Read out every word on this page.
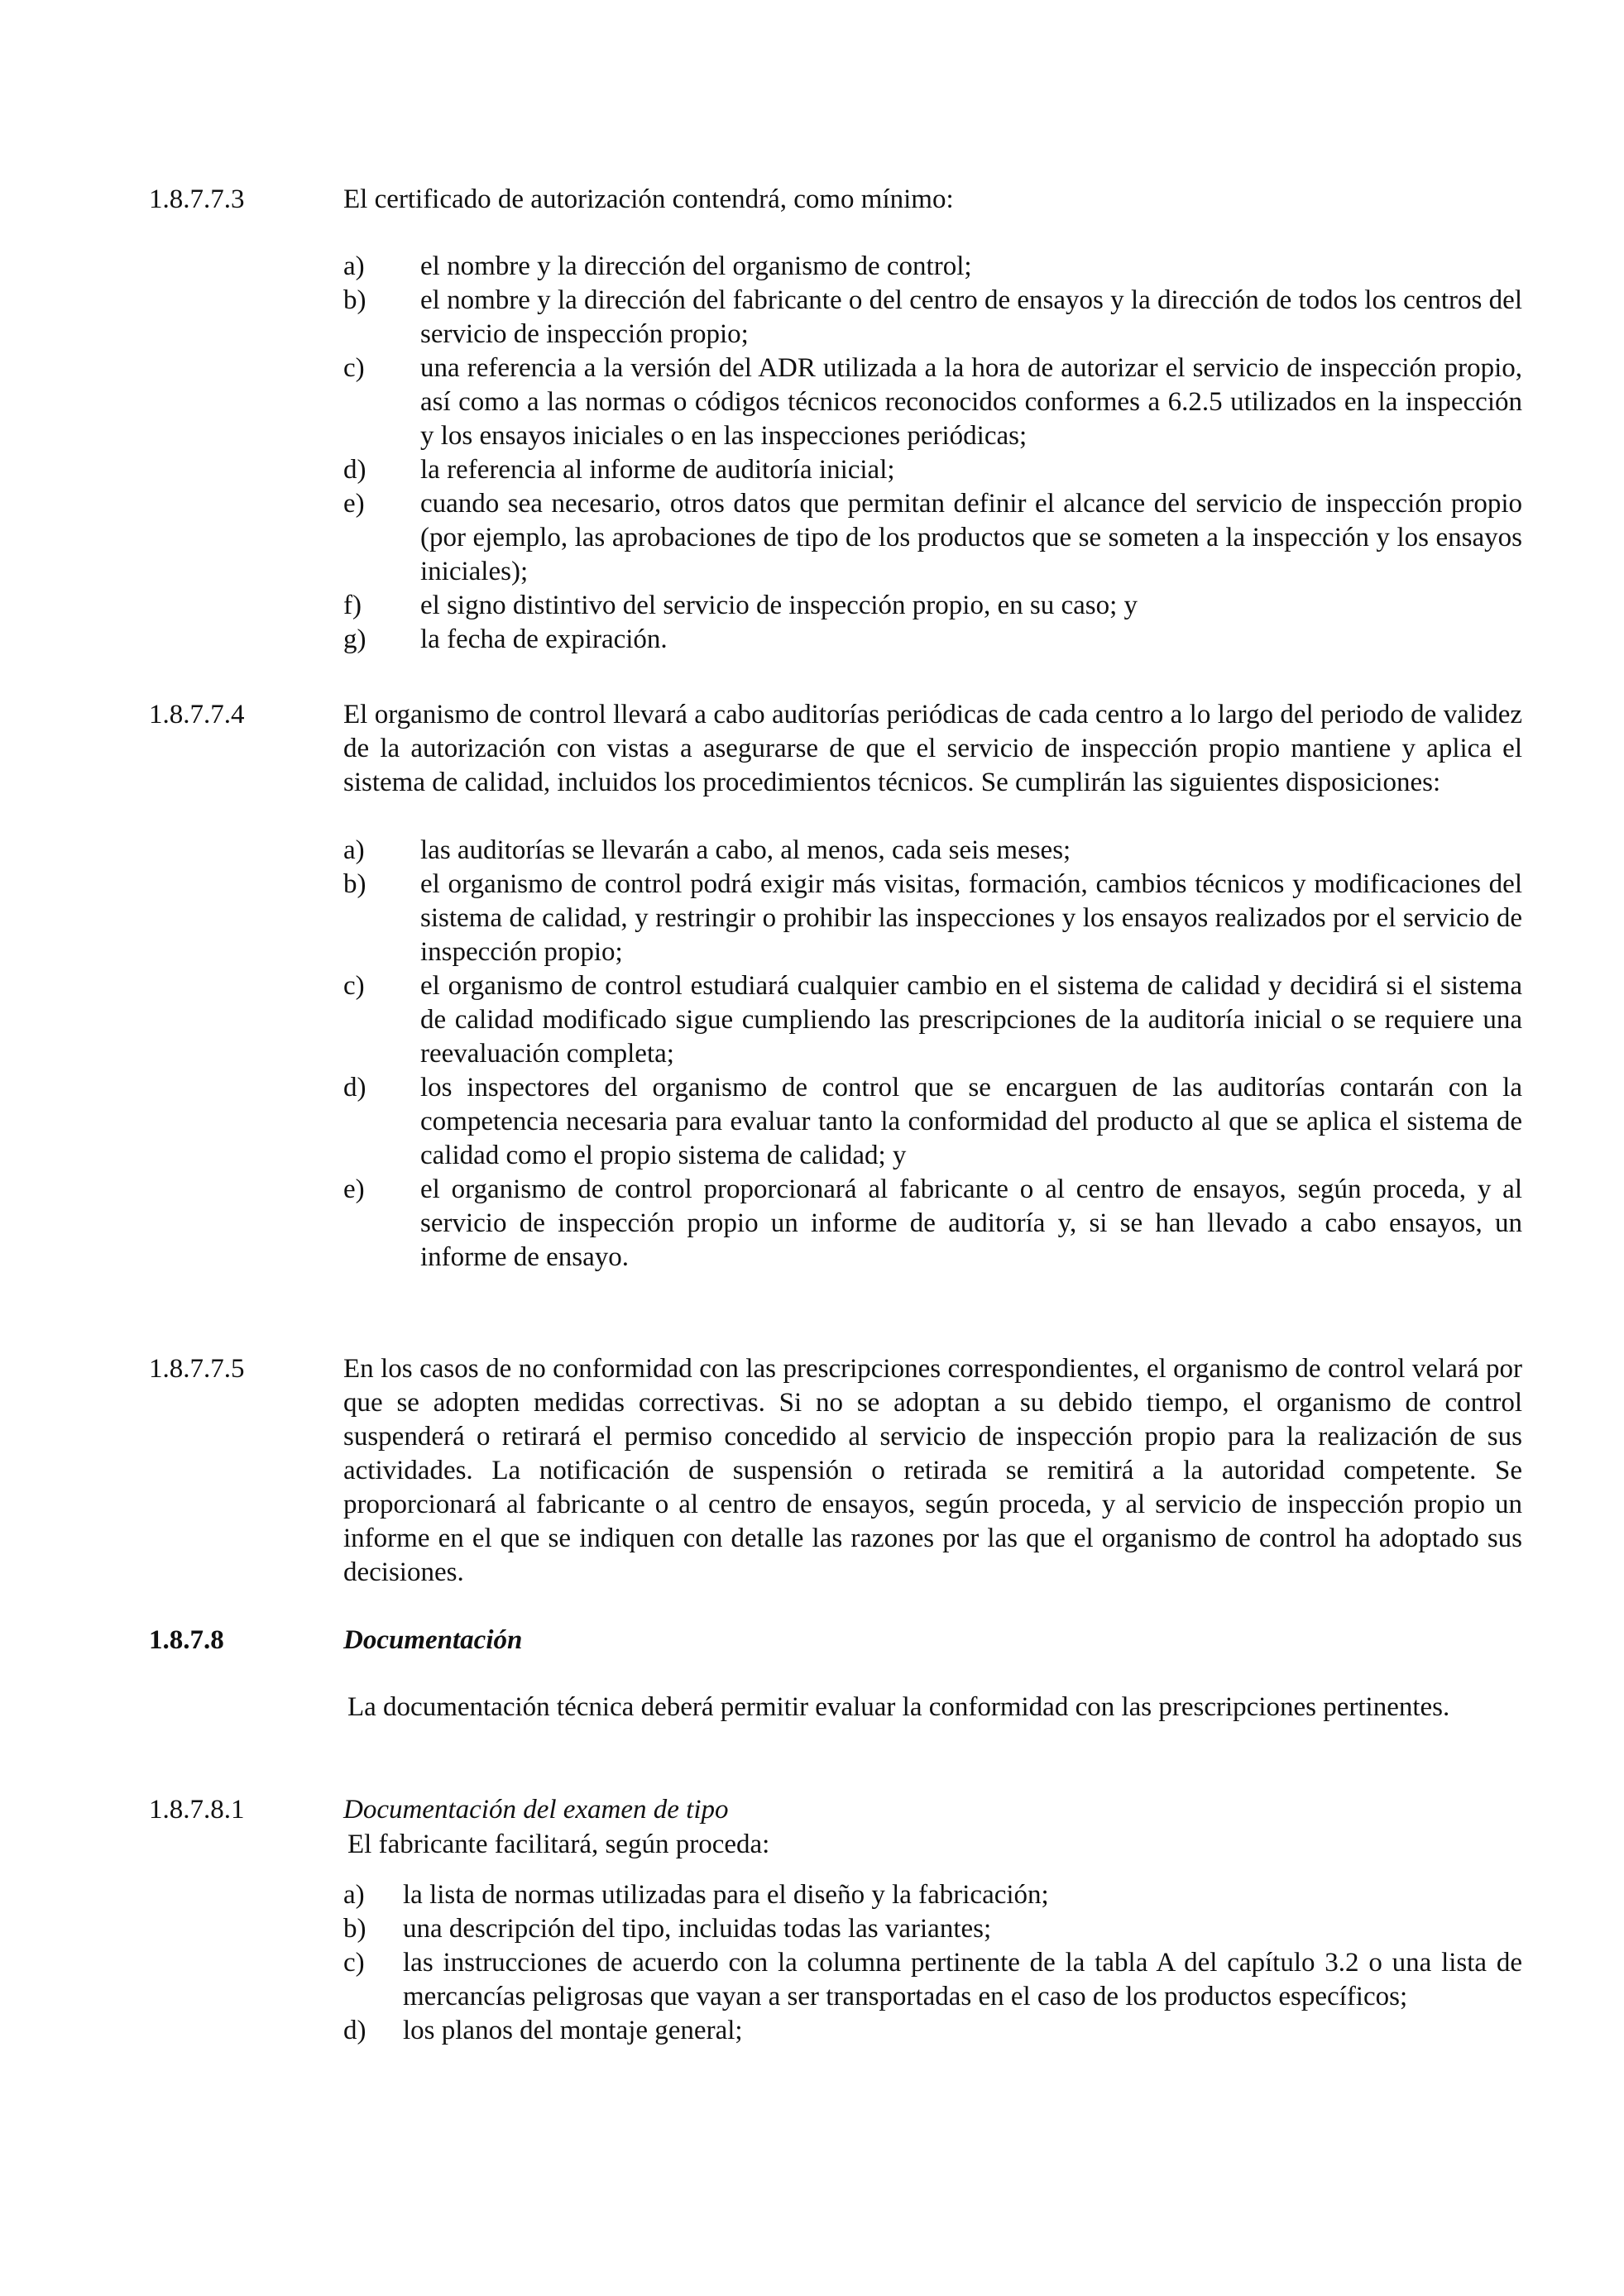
1.8.7.7.3	El certificado de autorización contendrá, como mínimo:

a)	el nombre y la dirección del organismo de control;
b)	el nombre y la dirección del fabricante o del centro de ensayos y la dirección de todos los centros del servicio de inspección propio;
c)	una referencia a la versión del ADR utilizada a la hora de autorizar el servicio de inspección propio, así como a las normas o códigos técnicos reconocidos conformes a 6.2.5 utilizados en la inspección y los ensayos iniciales o en las inspecciones periódicas;
d)	la referencia al informe de auditoría inicial;
e)	cuando sea necesario, otros datos que permitan definir el alcance del servicio de inspección propio (por ejemplo, las aprobaciones de tipo de los productos que se someten a la inspección y los ensayos iniciales);
f)	el signo distintivo del servicio de inspección propio, en su caso; y
g)	la fecha de expiración.
1.8.7.7.4	El organismo de control llevará a cabo auditorías periódicas de cada centro a lo largo del periodo de validez de la autorización con vistas a asegurarse de que el servicio de inspección propio mantiene y aplica el sistema de calidad, incluidos los procedimientos técnicos. Se cumplirán las siguientes disposiciones:

a)	las auditorías se llevarán a cabo, al menos, cada seis meses;
b)	el organismo de control podrá exigir más visitas, formación, cambios técnicos y modificaciones del sistema de calidad, y restringir o prohibir las inspecciones y los ensayos realizados por el servicio de inspección propio;
c)	el organismo de control estudiará cualquier cambio en el sistema de calidad y decidirá si el sistema de calidad modificado sigue cumpliendo las prescripciones de la auditoría inicial o se requiere una reevaluación completa;
d)	los inspectores del organismo de control que se encarguen de las auditorías contarán con la competencia necesaria para evaluar tanto la conformidad del producto al que se aplica el sistema de calidad como el propio sistema de calidad; y
e)	el organismo de control proporcionará al fabricante o al centro de ensayos, según proceda, y al servicio de inspección propio un informe de auditoría y, si se han llevado a cabo ensayos, un informe de ensayo.
1.8.7.7.5	En los casos de no conformidad con las prescripciones correspondientes, el organismo de control velará por que se adopten medidas correctivas. Si no se adoptan a su debido tiempo, el organismo de control suspenderá o retirará el permiso concedido al servicio de inspección propio para la realización de sus actividades. La notificación de suspensión o retirada se remitirá a la autoridad competente. Se proporcionará al fabricante o al centro de ensayos, según proceda, y al servicio de inspección propio un informe en el que se indiquen con detalle las razones por las que el organismo de control ha adoptado sus decisiones.

1.8.7.8	Documentación

La documentación técnica deberá permitir evaluar la conformidad con las prescripciones pertinentes.

1.8.7.8.1	Documentación del examen de tipo

El fabricante facilitará, según proceda:

a)	la lista de normas utilizadas para el diseño y la fabricación;
b)	una descripción del tipo, incluidas todas las variantes;
c)	las instrucciones de acuerdo con la columna pertinente de la tabla A del capítulo 3.2 o una lista de mercancías peligrosas que vayan a ser transportadas en el caso de los productos específicos;
d)	los planos del montaje general;
